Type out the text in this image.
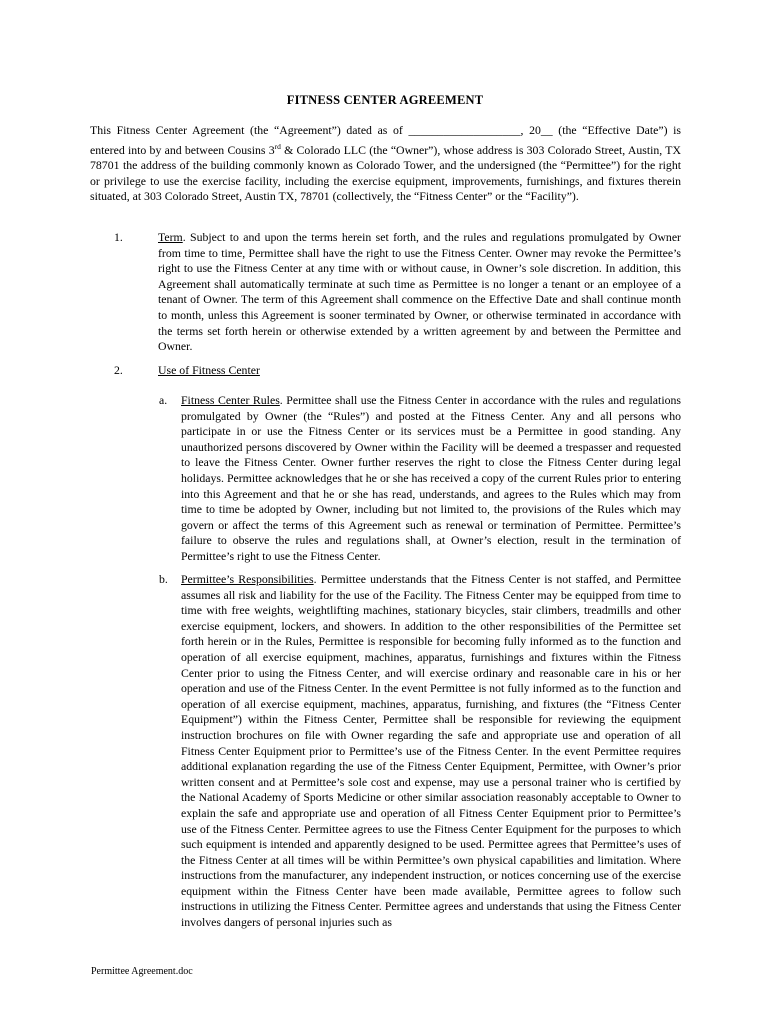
FITNESS CENTER AGREEMENT
This Fitness Center Agreement (the “Agreement”) dated as of ___________________, 20__ (the “Effective Date”) is entered into by and between Cousins 3rd & Colorado LLC (the “Owner”), whose address is 303 Colorado Street, Austin, TX 78701 the address of the building commonly known as Colorado Tower, and the undersigned (the “Permittee”) for the right or privilege to use the exercise facility, including the exercise equipment, improvements, furnishings, and fixtures therein situated, at 303 Colorado Street, Austin TX, 78701 (collectively, the “Fitness Center” or the “Facility”).
1.	Term. Subject to and upon the terms herein set forth, and the rules and regulations promulgated by Owner from time to time, Permittee shall have the right to use the Fitness Center. Owner may revoke the Permittee’s right to use the Fitness Center at any time with or without cause, in Owner’s sole discretion. In addition, this Agreement shall automatically terminate at such time as Permittee is no longer a tenant or an employee of a tenant of Owner. The term of this Agreement shall commence on the Effective Date and shall continue month to month, unless this Agreement is sooner terminated by Owner, or otherwise terminated in accordance with the terms set forth herein or otherwise extended by a written agreement by and between the Permittee and Owner.
2.	Use of Fitness Center
a. Fitness Center Rules. Permittee shall use the Fitness Center in accordance with the rules and regulations promulgated by Owner (the “Rules”) and posted at the Fitness Center. Any and all persons who participate in or use the Fitness Center or its services must be a Permittee in good standing. Any unauthorized persons discovered by Owner within the Facility will be deemed a trespasser and requested to leave the Fitness Center. Owner further reserves the right to close the Fitness Center during legal holidays. Permittee acknowledges that he or she has received a copy of the current Rules prior to entering into this Agreement and that he or she has read, understands, and agrees to the Rules which may from time to time be adopted by Owner, including but not limited to, the provisions of the Rules which may govern or affect the terms of this Agreement such as renewal or termination of Permittee. Permittee’s failure to observe the rules and regulations shall, at Owner’s election, result in the termination of Permittee’s right to use the Fitness Center.
b. Permittee’s Responsibilities. Permittee understands that the Fitness Center is not staffed, and Permittee assumes all risk and liability for the use of the Facility. The Fitness Center may be equipped from time to time with free weights, weightlifting machines, stationary bicycles, stair climbers, treadmills and other exercise equipment, lockers, and showers. In addition to the other responsibilities of the Permittee set forth herein or in the Rules, Permittee is responsible for becoming fully informed as to the function and operation of all exercise equipment, machines, apparatus, furnishings and fixtures within the Fitness Center prior to using the Fitness Center, and will exercise ordinary and reasonable care in his or her operation and use of the Fitness Center. In the event Permittee is not fully informed as to the function and operation of all exercise equipment, machines, apparatus, furnishing, and fixtures (the “Fitness Center Equipment”) within the Fitness Center, Permittee shall be responsible for reviewing the equipment instruction brochures on file with Owner regarding the safe and appropriate use and operation of all Fitness Center Equipment prior to Permittee’s use of the Fitness Center. In the event Permittee requires additional explanation regarding the use of the Fitness Center Equipment, Permittee, with Owner’s prior written consent and at Permittee’s sole cost and expense, may use a personal trainer who is certified by the National Academy of Sports Medicine or other similar association reasonably acceptable to Owner to explain the safe and appropriate use and operation of all Fitness Center Equipment prior to Permittee’s use of the Fitness Center. Permittee agrees to use the Fitness Center Equipment for the purposes to which such equipment is intended and apparently designed to be used. Permittee agrees that Permittee’s uses of the Fitness Center at all times will be within Permittee’s own physical capabilities and limitation. Where instructions from the manufacturer, any independent instruction, or notices concerning use of the exercise equipment within the Fitness Center have been made available, Permittee agrees to follow such instructions in utilizing the Fitness Center. Permittee agrees and understands that using the Fitness Center involves dangers of personal injuries such as
Permittee Agreement.doc
